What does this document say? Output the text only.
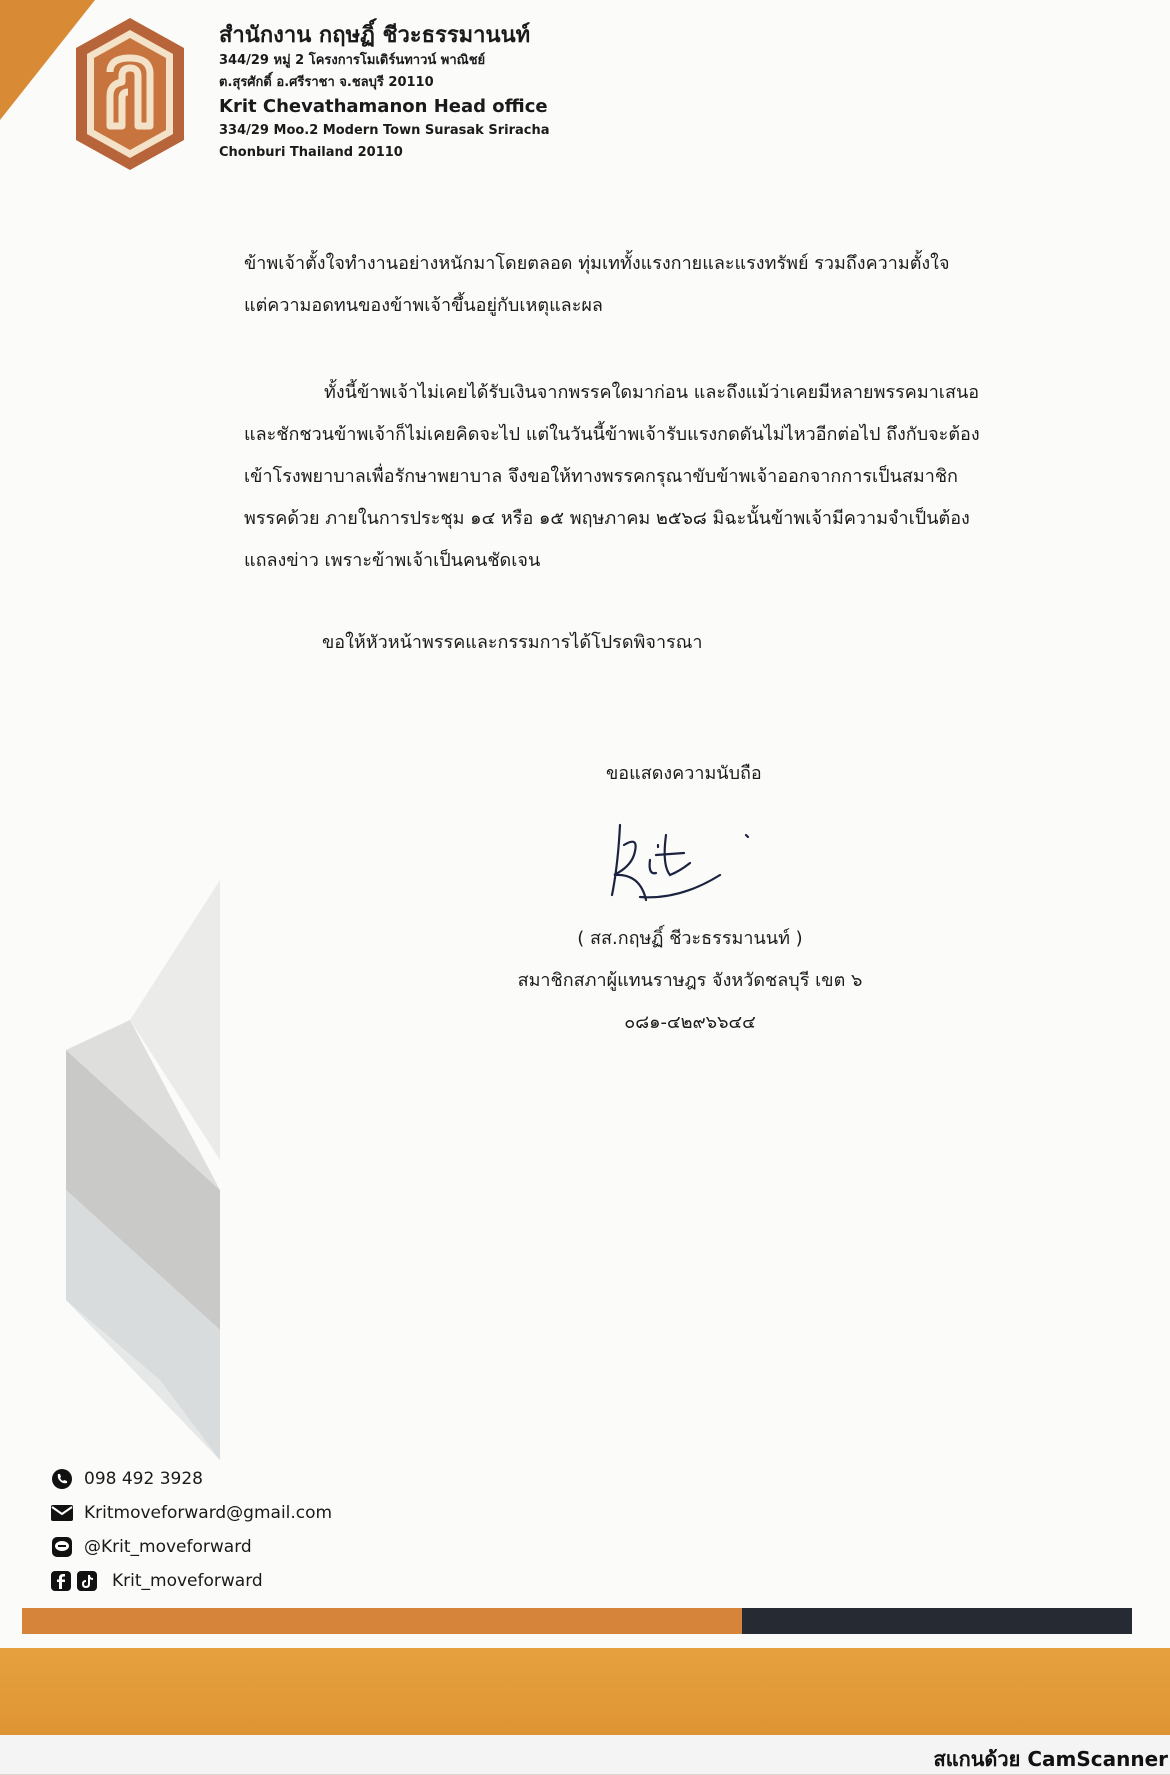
สำนักงาน กฤษฏิ์ ชีวะธรรมานนท์
344/29 หมู่ 2 โครงการโมเดิร์นทาวน์ พาณิชย์
ต.สุรศักดิ์ อ.ศรีราชา จ.ชลบุรี 20110
Krit Chevathamanon Head office
334/29 Moo.2 Modern Town Surasak Sriracha
Chonburi Thailand 20110
ข้าพเจ้าตั้งใจทำงานอย่างหนักมาโดยตลอด ทุ่มเททั้งแรงกายและแรงทรัพย์ รวมถึงความตั้งใจ
แต่ความอดทนของข้าพเจ้าขึ้นอยู่กับเหตุและผล
ทั้งนี้ข้าพเจ้าไม่เคยได้รับเงินจากพรรคใดมาก่อน และถึงแม้ว่าเคยมีหลายพรรคมาเสนอ
และชักชวนข้าพเจ้าก็ไม่เคยคิดจะไป แต่ในวันนี้ข้าพเจ้ารับแรงกดดันไม่ไหวอีกต่อไป ถึงกับจะต้อง
เข้าโรงพยาบาลเพื่อรักษาพยาบาล จึงขอให้ทางพรรคกรุณาขับข้าพเจ้าออกจากการเป็นสมาชิก
พรรคด้วย ภายในการประชุม ๑๔ หรือ ๑๕ พฤษภาคม ๒๕๖๘ มิฉะนั้นข้าพเจ้ามีความจำเป็นต้อง
แถลงข่าว เพราะข้าพเจ้าเป็นคนชัดเจน
ขอให้หัวหน้าพรรคและกรรมการได้โปรดพิจารณา
ขอแสดงความนับถือ
( สส.กฤษฏิ์ ชีวะธรรมานนท์ )
สมาชิกสภาผู้แทนราษฎร จังหวัดชลบุรี เขต ๖
๐๘๑-๔๒๙๖๖๔๔
098 492 3928
Kritmoveforward@gmail.com
@Krit_moveforward
Krit_moveforward
สแกนด้วย CamScanner
